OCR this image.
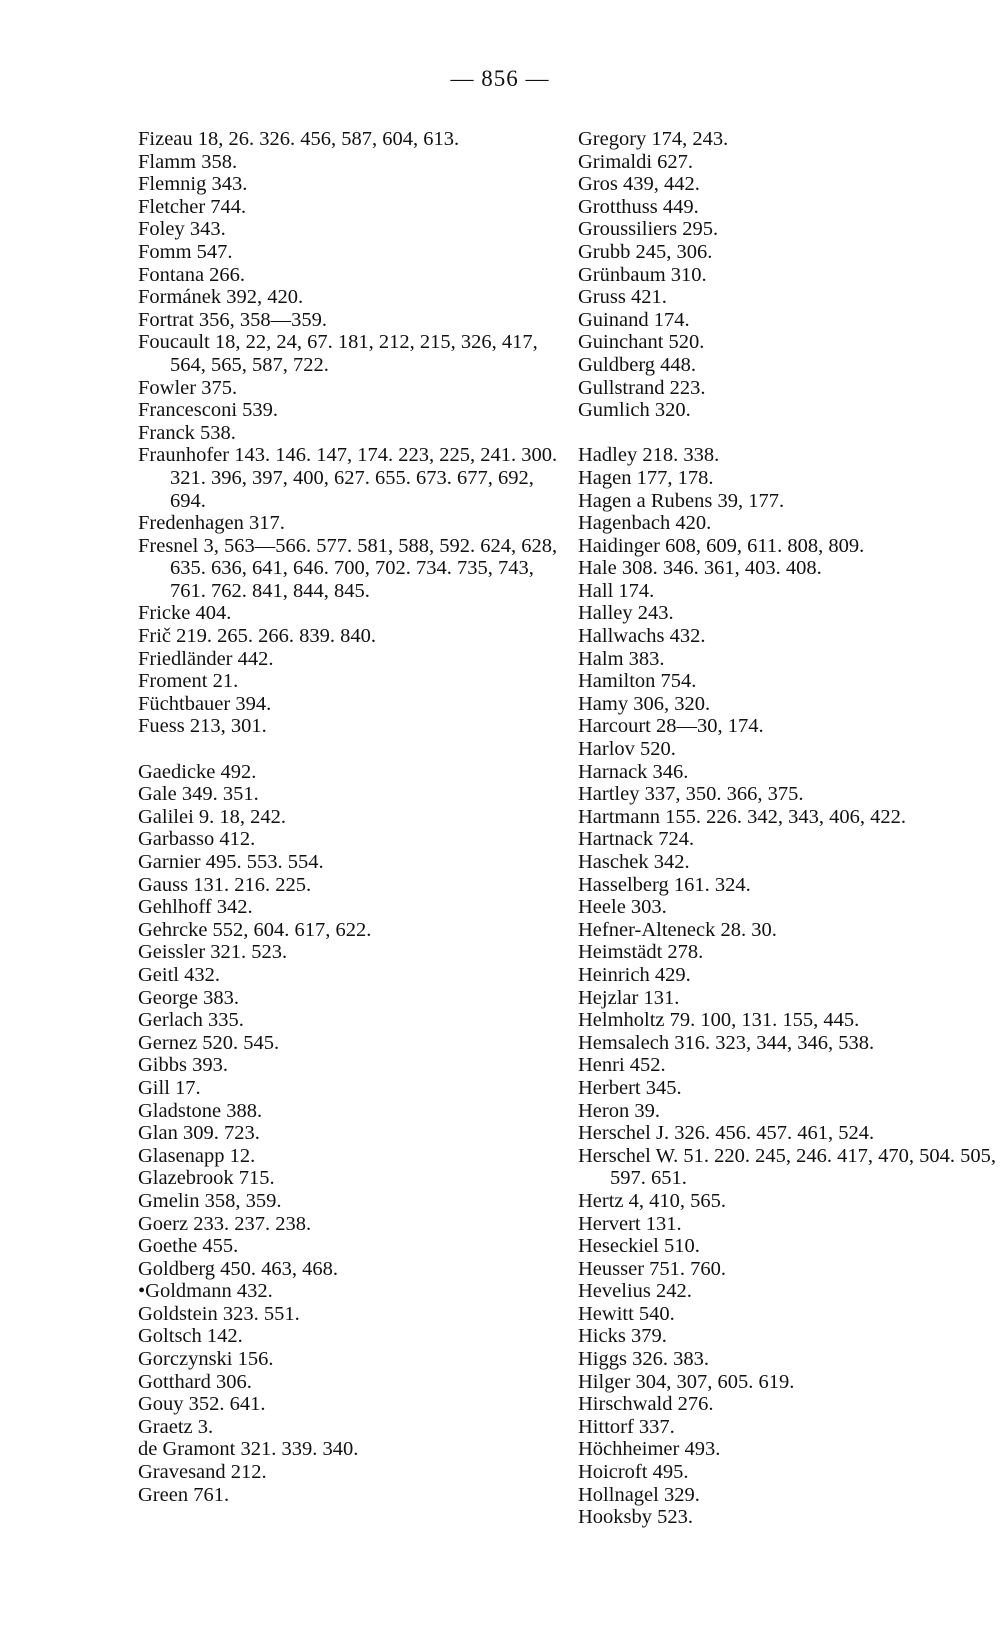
— 856 —
Fizeau 18, 26. 326. 456, 587, 604, 613.
Flamm 358.
Flemnig 343.
Fletcher 744.
Foley 343.
Fomm 547.
Fontana 266.
Formánek 392, 420.
Fortrat 356, 358—359.
Foucault 18, 22, 24, 67. 181, 212, 215, 326, 417, 564, 565, 587, 722.
Fowler 375.
Francesconi 539.
Franck 538.
Fraunhofer 143. 146. 147, 174. 223, 225, 241. 300. 321. 396, 397, 400, 627. 655. 673. 677, 692, 694.
Fredenhagen 317.
Fresnel 3, 563—566. 577. 581, 588, 592. 624, 628, 635. 636, 641, 646. 700, 702. 734. 735, 743, 761. 762. 841, 844, 845.
Fricke 404.
Frič 219. 265. 266. 839. 840.
Friedländer 442.
Froment 21.
Füchtbauer 394.
Fuess 213, 301.
Gaedicke 492.
Gale 349. 351.
Galilei 9. 18, 242.
Garbasso 412.
Garnier 495. 553. 554.
Gauss 131. 216. 225.
Gehlhoff 342.
Gehrcke 552, 604. 617, 622.
Geissler 321. 523.
Geitl 432.
George 383.
Gerlach 335.
Gernez 520. 545.
Gibbs 393.
Gill 17.
Gladstone 388.
Glan 309. 723.
Glasenapp 12.
Glazebrook 715.
Gmelin 358, 359.
Goerz 233. 237. 238.
Goethe 455.
Goldberg 450. 463, 468.
•Goldmann 432.
Goldstein 323. 551.
Goltsch 142.
Gorczynski 156.
Gotthard 306.
Gouy 352. 641.
Graetz 3.
de Gramont 321. 339. 340.
Gravesand 212.
Green 761.
Gregory 174, 243.
Grimaldi 627.
Gros 439, 442.
Grotthuss 449.
Groussiliers 295.
Grubb 245, 306.
Grünbaum 310.
Gruss 421.
Guinand 174.
Guinchant 520.
Guldberg 448.
Gullstrand 223.
Gumlich 320.
Hadley 218. 338.
Hagen 177, 178.
Hagen a Rubens 39, 177.
Hagenbach 420.
Haidinger 608, 609, 611. 808, 809.
Hale 308. 346. 361, 403. 408.
Hall 174.
Halley 243.
Hallwachs 432.
Halm 383.
Hamilton 754.
Hamy 306, 320.
Harcourt 28—30, 174.
Harlov 520.
Harnack 346.
Hartley 337, 350. 366, 375.
Hartmann 155. 226. 342, 343, 406, 422.
Hartnack 724.
Haschek 342.
Hasselberg 161. 324.
Heele 303.
Hefner-Alteneck 28. 30.
Heimstädt 278.
Heinrich 429.
Hejzlar 131.
Helmholtz 79. 100, 131. 155, 445.
Hemsalech 316. 323, 344, 346, 538.
Henri 452.
Herbert 345.
Heron 39.
Herschel J. 326. 456. 457. 461, 524.
Herschel W. 51. 220. 245, 246. 417, 470, 504. 505, 597. 651.
Hertz 4, 410, 565.
Hervert 131.
Heseckiel 510.
Heusser 751. 760.
Hevelius 242.
Hewitt 540.
Hicks 379.
Higgs 326. 383.
Hilger 304, 307, 605. 619.
Hirschwald 276.
Hittorf 337.
Höchheimer 493.
Hoicroft 495.
Hollnagel 329.
Hooksby 523.
